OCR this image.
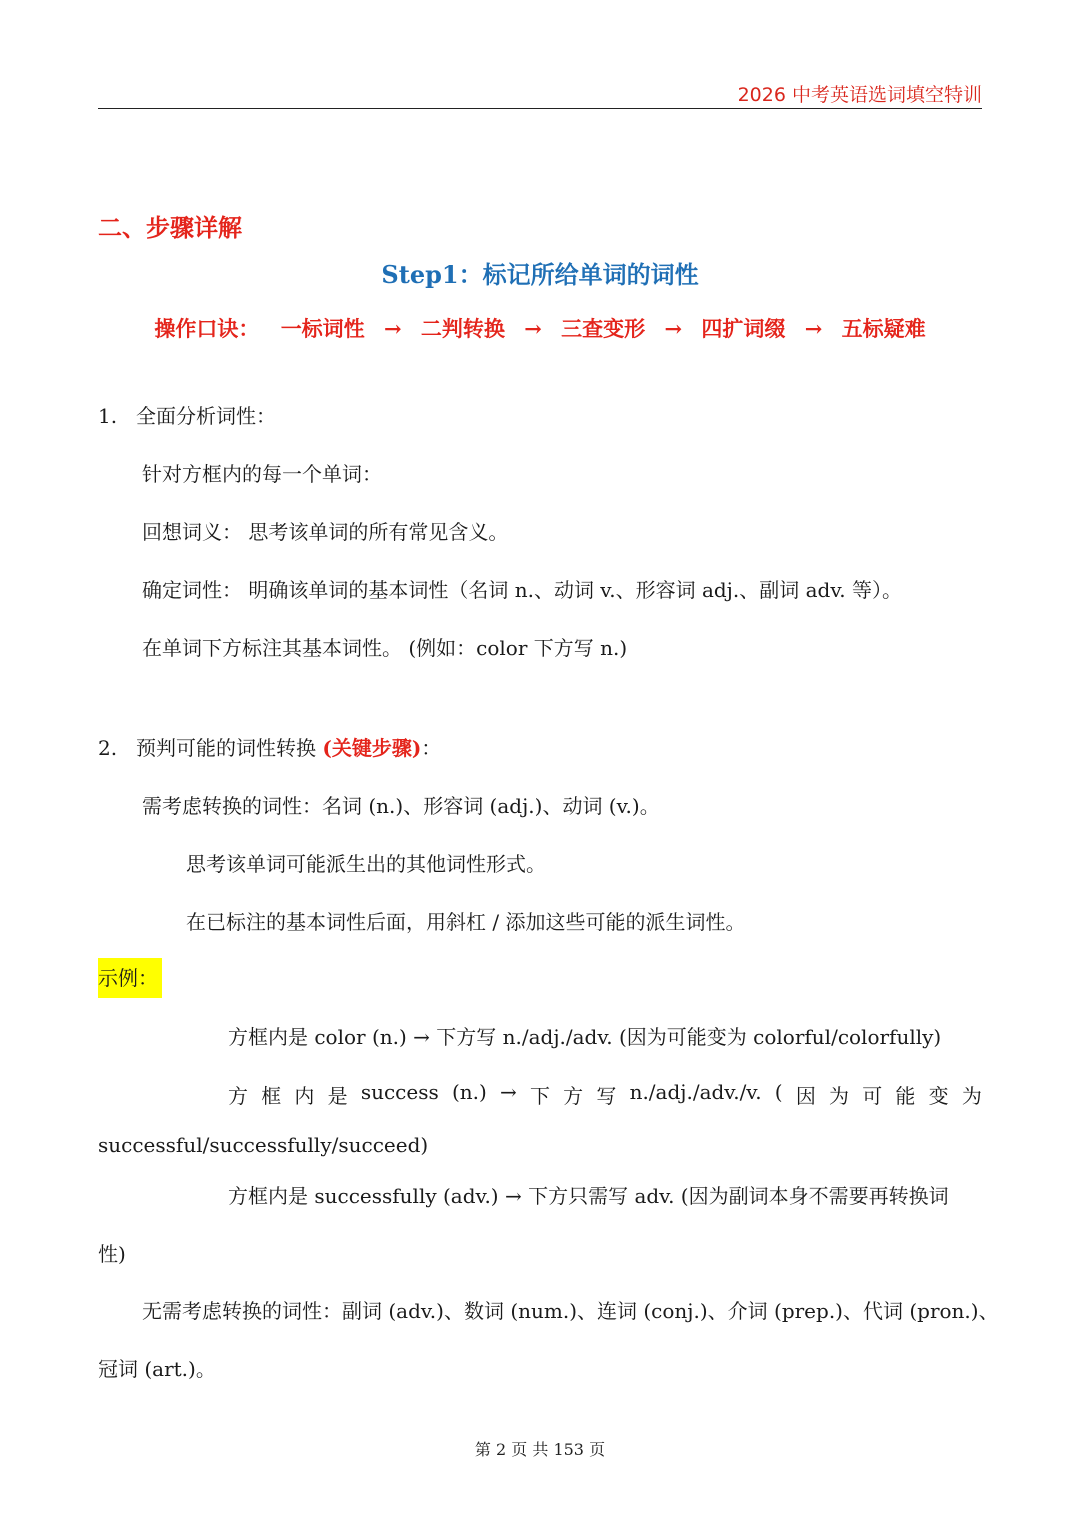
2026 中考英语选词填空特训
二、步骤详解
Step1：标记所给单词的词性
操作口诀： 一标词性 → 二判转换 → 三查变形 → 四扩词缀 → 五标疑难
1. 全面分析词性：
针对方框内的每一个单词：
回想词义： 思考该单词的所有常见含义。
确定词性： 明确该单词的基本词性（名词 n.、动词 v.、形容词 adj.、副词 adv. 等）。
在单词下方标注其基本词性。 (例如：color 下方写 n.)
2. 预判可能的词性转换 (关键步骤)：
需考虑转换的词性：名词 (n.)、形容词 (adj.)、动词 (v.)。
思考该单词可能派生出的其他词性形式。
在已标注的基本词性后面，用斜杠 / 添加这些可能的派生词性。
示例：
方框内是 color (n.) → 下方写 n./adj./adv. (因为可能变为 colorful/colorfully)
方 框 内 是 success (n.) → 下 方 写 n./adj./adv./v. ( 因 为 可 能 变 为
successful/successfully/succeed)
方框内是 successfully (adv.) → 下方只需写 adv. (因为副词本身不需要再转换词
性)
无需考虑转换的词性：副词 (adv.)、数词 (num.)、连词 (conj.)、介词 (prep.)、代词 (pron.)、
冠词 (art.)。
第 2 页 共 153 页
